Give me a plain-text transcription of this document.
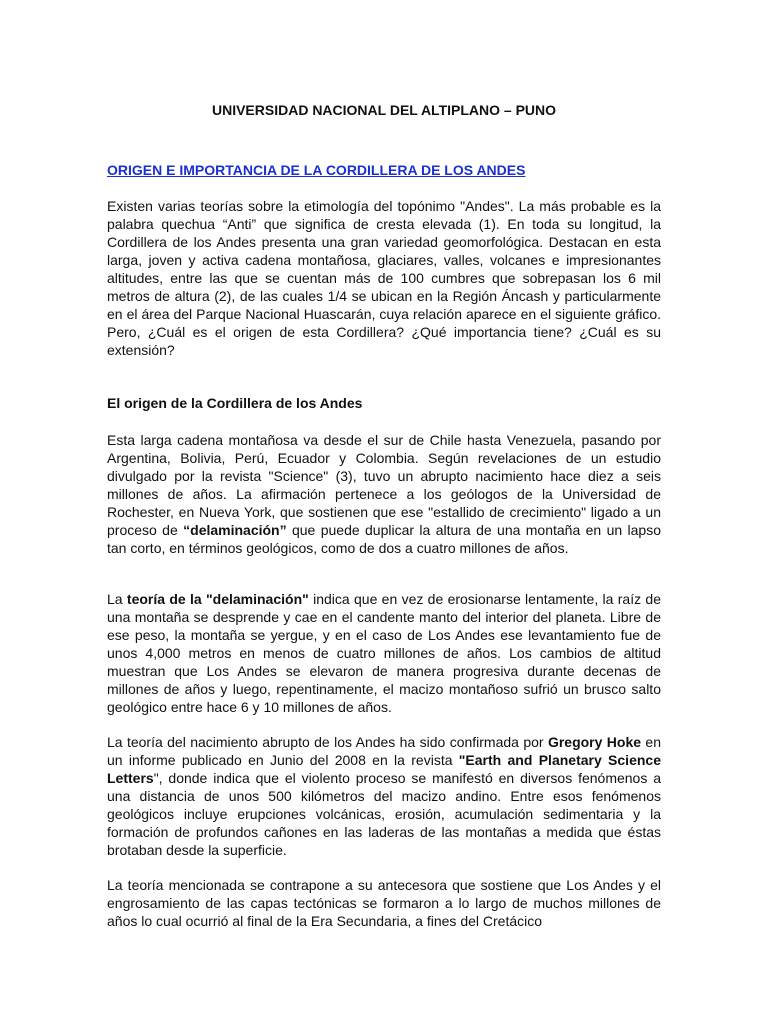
UNIVERSIDAD NACIONAL DEL ALTIPLANO – PUNO
ORIGEN E IMPORTANCIA DE LA CORDILLERA DE LOS ANDES

Existen varias teorías sobre la etimología del topónimo "Andes". La más probable es la palabra quechua “Anti” que significa de cresta elevada (1). En toda su longitud, la Cordillera de los Andes presenta una gran variedad geomorfológica. Destacan en esta larga, joven y activa cadena montañosa, glaciares, valles, volcanes e impresionantes altitudes, entre las que se cuentan más de 100 cumbres que sobrepasan los 6 mil metros de altura (2), de las cuales 1/4 se ubican en la Región Áncash y particularmente en el área del Parque Nacional Huascarán, cuya relación aparece en el siguiente gráfico. Pero, ¿Cuál es el origen de esta Cordillera? ¿Qué importancia tiene? ¿Cuál es su extensión?

El origen de la Cordillera de los Andes

Esta larga cadena montañosa va desde el sur de Chile hasta Venezuela, pasando por Argentina, Bolivia, Perú, Ecuador y Colombia. Según revelaciones de un estudio divulgado por la revista "Science" (3), tuvo un abrupto nacimiento hace diez a seis millones de años. La afirmación pertenece a los geólogos de la Universidad de Rochester, en Nueva York, que sostienen que ese "estallido de crecimiento" ligado a un proceso de “delaminación” que puede duplicar la altura de una montaña en un lapso tan corto, en términos geológicos, como de dos a cuatro millones de años.

La teoría de la "delaminación" indica que en vez de erosionarse lentamente, la raíz de una montaña se desprende y cae en el candente manto del interior del planeta. Libre de ese peso, la montaña se yergue, y en el caso de Los Andes ese levantamiento fue de unos 4,000 metros en menos de cuatro millones de años. Los cambios de altitud muestran que Los Andes se elevaron de manera progresiva durante decenas de millones de años y luego, repentinamente, el macizo montañoso sufrió un brusco salto geológico entre hace 6 y 10 millones de años.

La teoría del nacimiento abrupto de los Andes ha sido confirmada por Gregory Hoke en un informe publicado en Junio del 2008 en la revista "Earth and Planetary Science Letters", donde indica que el violento proceso se manifestó en diversos fenómenos a una distancia de unos 500 kilómetros del macizo andino. Entre esos fenómenos geológicos incluye erupciones volcánicas, erosión, acumulación sedimentaria y la formación de profundos cañones en las laderas de las montañas a medida que éstas brotaban desde la superficie.

La teoría mencionada se contrapone a su antecesora que sostiene que Los Andes y el engrosamiento de las capas tectónicas se formaron a lo largo de muchos millones de años lo cual ocurrió al final de la Era Secundaria, a fines del Cretácico
